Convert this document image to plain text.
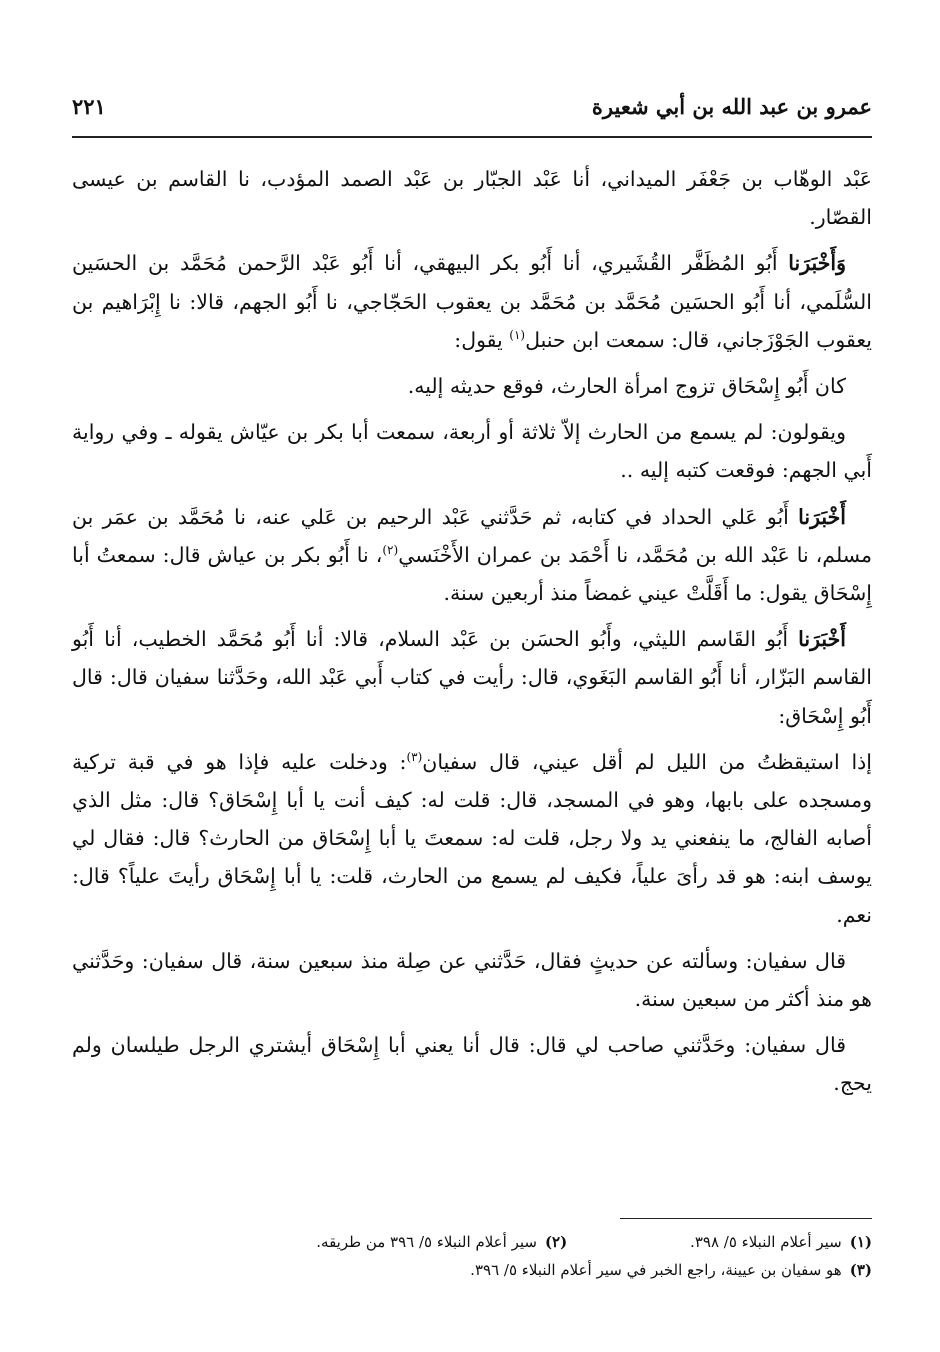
عمرو بن عبد الله بن أبي شعيرة
٢٢١

عَبْد الوهّاب بن جَعْفَر الميداني، أنا عَبْد الجبّار بن عَبْد الصمد المؤدب، نا القاسم بن عيسى القصّار.

وَأَخْبَرَنا أَبُو المُظَفَّر القُشَيري، أنا أَبُو بكر البيهقي، أنا أَبُو عَبْد الرَّحمن مُحَمَّد بن الحسَين السُّلَمي، أنا أَبُو الحسَين مُحَمَّد بن مُحَمَّد بن يعقوب الحَجّاجي، نا أَبُو الجهم، قالا: نا إِبْرَاهيم بن يعقوب الجَوْزَجاني، قال: سمعت ابن حنبل$^{(١)}$ يقول:

كان أَبُو إِسْحَاق تزوج امرأة الحارث، فوقع حديثه إليه.

ويقولون: لم يسمع من الحارث إلاّ ثلاثة أو أربعة، سمعت أبا بكر بن عيّاش يقوله ـ وفي رواية أَبي الجهم: فوقعت كتبه إليه ..

أَخْبَرَنا أَبُو عَلي الحداد في كتابه، ثم حَدَّثني عَبْد الرحيم بن عَلي عنه، نا مُحَمَّد بن عمَر بن مسلم، نا عَبْد الله بن مُحَمَّد، نا أَحْمَد بن عمران الأَخْنَسي$^{(٢)}$، نا أَبُو بكر بن عياش قال: سمعتُ أبا إِسْحَاق يقول: ما أَقَلَّتْ عيني غمضاً منذ أربعين سنة.

أَخْبَرَنا أَبُو القَاسم الليثي، وأَبُو الحسَن بن عَبْد السلام، قالا: أنا أَبُو مُحَمَّد الخطيب، أنا أَبُو القاسم البَزّار، أنا أَبُو القاسم البَغَوي، قال: رأيت في كتاب أَبي عَبْد الله، وحَدَّثنا سفيان قال: قال أَبُو إِسْحَاق:

إذا استيقظتُ من الليل لم أقل عيني، قال سفيان$^{(٣)}$: ودخلت عليه فإذا هو في قبة تركية ومسجده على بابها، وهو في المسجد، قال: قلت له: كيف أنت يا أبا إِسْحَاق؟ قال: مثل الذي أصابه الفالج، ما ينفعني يد ولا رجل، قلت له: سمعتَ يا أبا إِسْحَاق من الحارث؟ قال: فقال لي يوسف ابنه: هو قد رأىَ علياً، فكيف لم يسمع من الحارث، قلت: يا أبا إِسْحَاق رأيتَ علياً؟ قال: نعم.

قال سفيان: وسألته عن حديثٍ فقال، حَدَّثني عن صِلة منذ سبعين سنة، قال سفيان: وحَدَّثني هو منذ أكثر من سبعين سنة.

قال سفيان: وحَدَّثني صاحب لي قال: قال أنا يعني أبا إِسْحَاق أيشتري الرجل طيلسان ولم يحج.

(١)سير أعلام النبلاء ٥/ ٣٩٨. (٢)سير أعلام النبلاء ٥/ ٣٩٦ من طريقه.
(٣)هو سفيان بن عيينة، راجع الخبر في سير أعلام النبلاء ٥/ ٣٩٦.
